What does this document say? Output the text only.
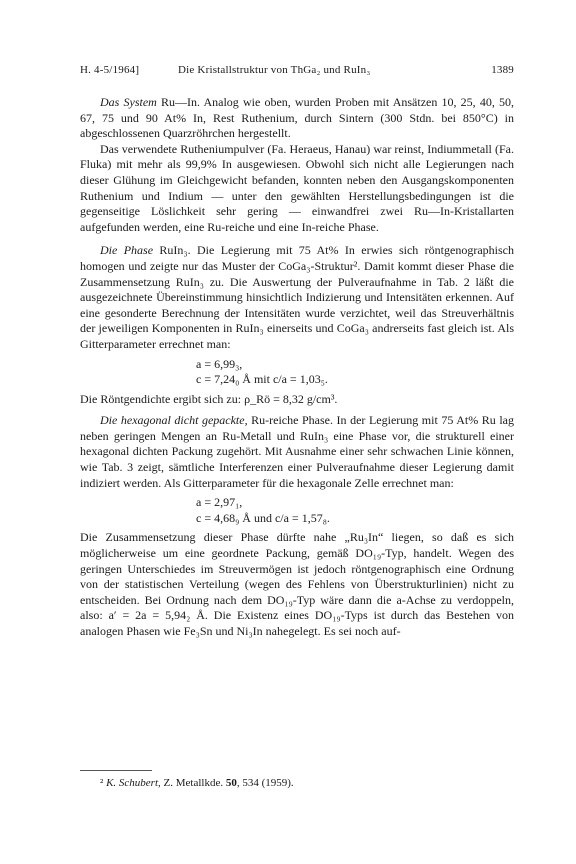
H. 4-5/1964]	Die Kristallstruktur von ThGa₂ und RuIn₃	1389

Das System Ru—In. Analog wie oben, wurden Proben mit Ansätzen 10, 25, 40, 50, 67, 75 und 90 At% In, Rest Ruthenium, durch Sintern (300 Stdn. bei 850°C) in abgeschlossenen Quarzröhrchen hergestellt.

Das verwendete Rutheniumpulver (Fa. Heraeus, Hanau) war reinst, Indiummetall (Fa. Fluka) mit mehr als 99,9% In ausgewiesen. Obwohl sich nicht alle Legierungen nach dieser Glühung im Gleichgewicht befanden, konnten neben den Ausgangskomponenten Ruthenium und Indium — unter den gewählten Herstellungsbedingungen ist die gegenseitige Löslichkeit sehr gering — einwandfrei zwei Ru—In-Kristallarten aufgefunden werden, eine Ru-reiche und eine In-reiche Phase.

Die Phase RuIn₃. Die Legierung mit 75 At% In erwies sich röntgenographisch homogen und zeigte nur das Muster der CoGa₃-Struktur². Damit kommt dieser Phase die Zusammensetzung RuIn₃ zu. Die Auswertung der Pulveraufnahme in Tab. 2 läßt die ausgezeichnete Übereinstimmung hinsichtlich Indizierung und Intensitäten erkennen. Auf eine gesonderte Berechnung der Intensitäten wurde verzichtet, weil das Streuverhältnis der jeweiligen Komponenten in RuIn₃ einerseits und CoGa₃ andrerseits fast gleich ist. Als Gitterparameter errechnet man:

a = 6,99₃,
c = 7,24₀ Å mit c/a = 1,03₅.

Die Röntgendichte ergibt sich zu: ρ_Rö = 8,32 g/cm³.

Die hexagonal dicht gepackte, Ru-reiche Phase. In der Legierung mit 75 At% Ru lag neben geringen Mengen an Ru-Metall und RuIn₃ eine Phase vor, die strukturell einer hexagonal dichten Packung zugehört. Mit Ausnahme einer sehr schwachen Linie können, wie Tab. 3 zeigt, sämtliche Interferenzen einer Pulveraufnahme dieser Legierung damit indiziert werden. Als Gitterparameter für die hexagonale Zelle errechnet man:

a = 2,97₁,
c = 4,68₉ Å und c/a = 1,57₈.

Die Zusammensetzung dieser Phase dürfte nahe „Ru₃In“ liegen, so daß es sich möglicherweise um eine geordnete Packung, gemäß DO₁₉-Typ, handelt. Wegen des geringen Unterschiedes im Streuvermögen ist jedoch röntgenographisch eine Ordnung von der statistischen Verteilung (wegen des Fehlens von Überstrukturlinien) nicht zu entscheiden. Bei Ordnung nach dem DO₁₉-Typ wäre dann die a-Achse zu verdoppeln, also: a′ = 2a = 5,94₂ Å. Die Existenz eines DO₁₉-Typs ist durch das Bestehen von analogen Phasen wie Fe₃Sn und Ni₃In nahegelegt. Es sei noch auf-

² K. Schubert, Z. Metallkde. 50, 534 (1959).
